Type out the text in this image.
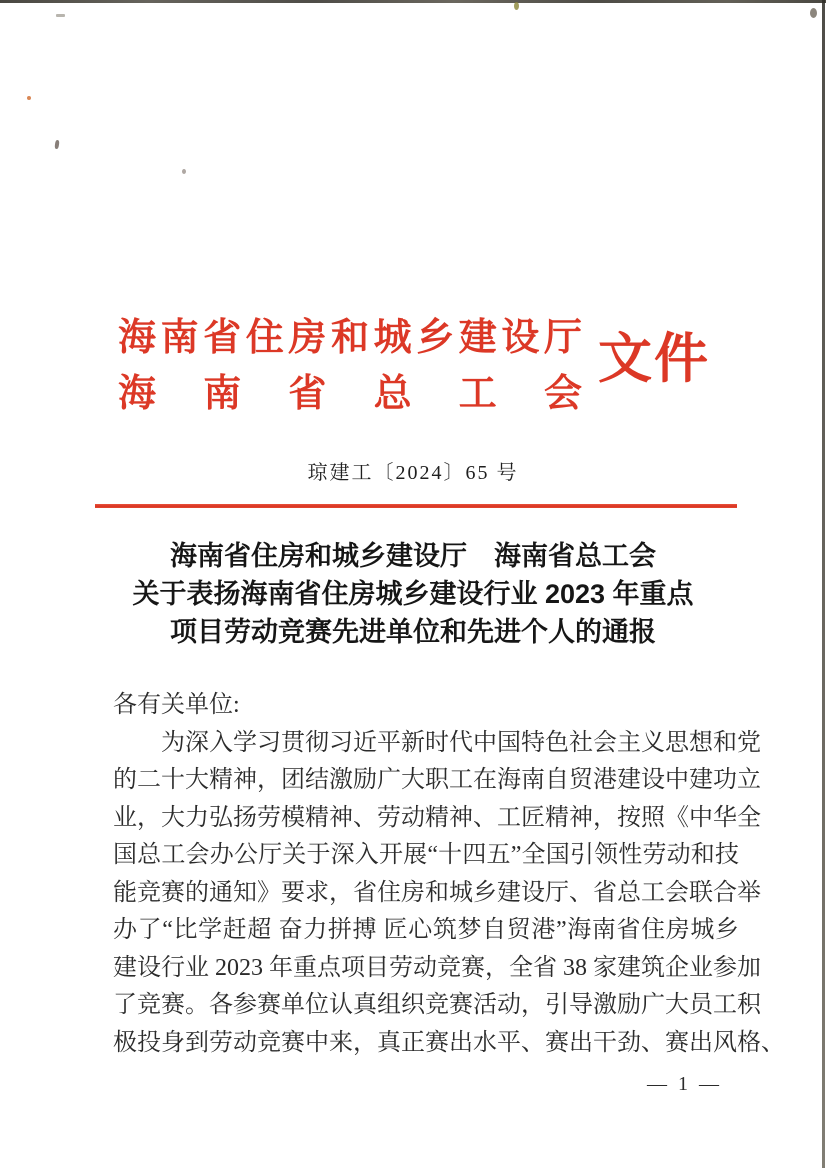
海南省住房和城乡建设厅
海南省总工会
文件
琼建工〔2024〕65 号
海南省住房和城乡建设厅　海南省总工会
关于表扬海南省住房城乡建设行业 2023 年重点
项目劳动竞赛先进单位和先进个人的通报
各有关单位:
为深入学习贯彻习近平新时代中国特色社会主义思想和党
的二十大精神，团结激励广大职工在海南自贸港建设中建功立
业，大力弘扬劳模精神、劳动精神、工匠精神，按照《中华全
国总工会办公厅关于深入开展“十四五”全国引领性劳动和技
能竞赛的通知》要求，省住房和城乡建设厅、省总工会联合举
办了“比学赶超 奋力拼搏 匠心筑梦自贸港”海南省住房城乡
建设行业 2023 年重点项目劳动竞赛，全省 38 家建筑企业参加
了竞赛。各参赛单位认真组织竞赛活动，引导激励广大员工积
极投身到劳动竞赛中来，真正赛出水平、赛出干劲、赛出风格、
— 1 —
